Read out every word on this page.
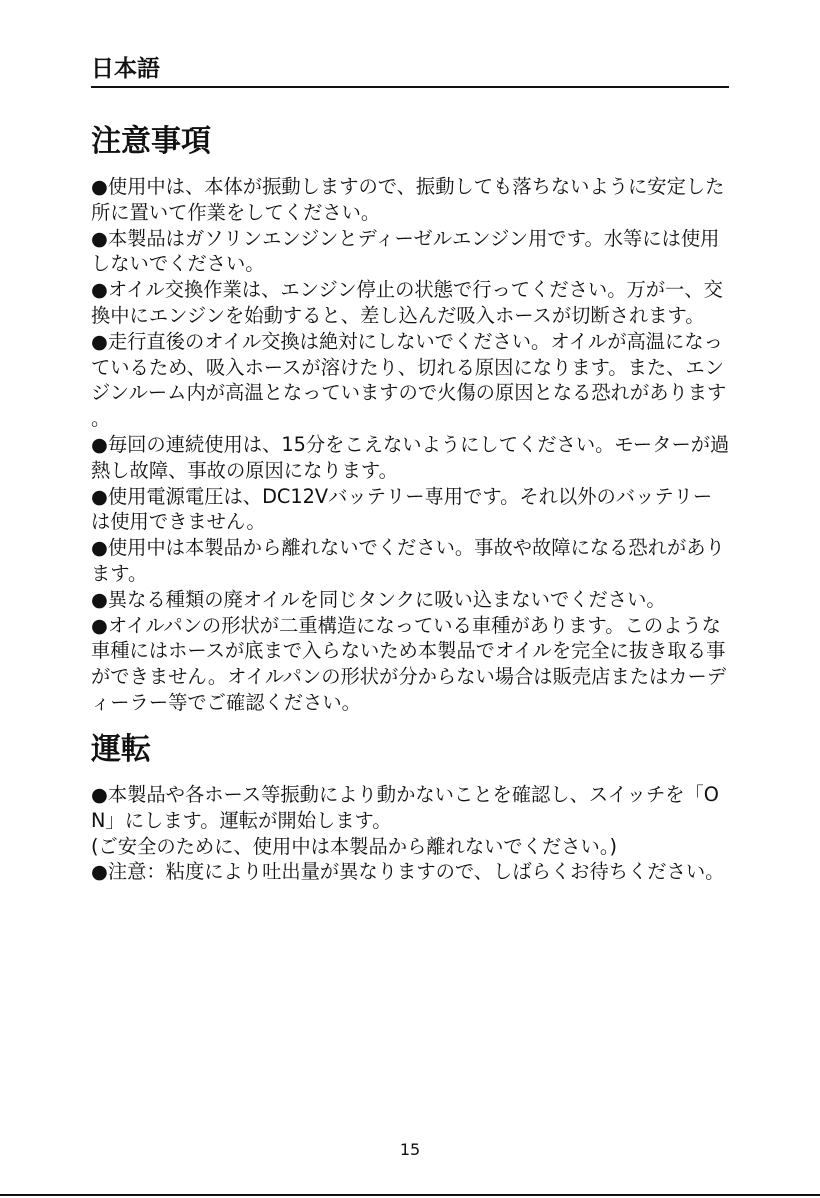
日本語
注意事項
●使用中は、本体が振動しますので、振動しても落ちないように安定した所に置いて作業をしてください。
●本製品はガソリンエンジンとディーゼルエンジン用です。水等には使用しないでください。
●オイル交換作業は、エンジン停止の状態で行ってください。万が一、交換中にエンジンを始動すると、差し込んだ吸入ホースが切断されます。
●走行直後のオイル交換は絶対にしないでください。オイルが高温になっているため、吸入ホースが溶けたり、切れる原因になります。また、エンジンルーム内が高温となっていますので火傷の原因となる恐れがあります。
●毎回の連続使用は、15分をこえないようにしてください。モーターが過熱し故障、事故の原因になります。
●使用電源電圧は、DC12Vバッテリー専用です。それ以外のバッテリーは使用できません。
●使用中は本製品から離れないでください。事故や故障になる恐れがあります。
●異なる種類の廃オイルを同じタンクに吸い込まないでください。
●オイルパンの形状が二重構造になっている車種があります。このような車種にはホースが底まで入らないため本製品でオイルを完全に抜き取る事ができません。オイルパンの形状が分からない場合は販売店またはカーディーラー等でご確認ください。
運転

●本製品や各ホース等振動により動かないことを確認し、スイッチを「ON」にします。運転が開始します。

(ご安全のために、使用中は本製品から離れないでください。)

●注意：粘度により吐出量が異なりますので、しばらくお待ちください。

15
